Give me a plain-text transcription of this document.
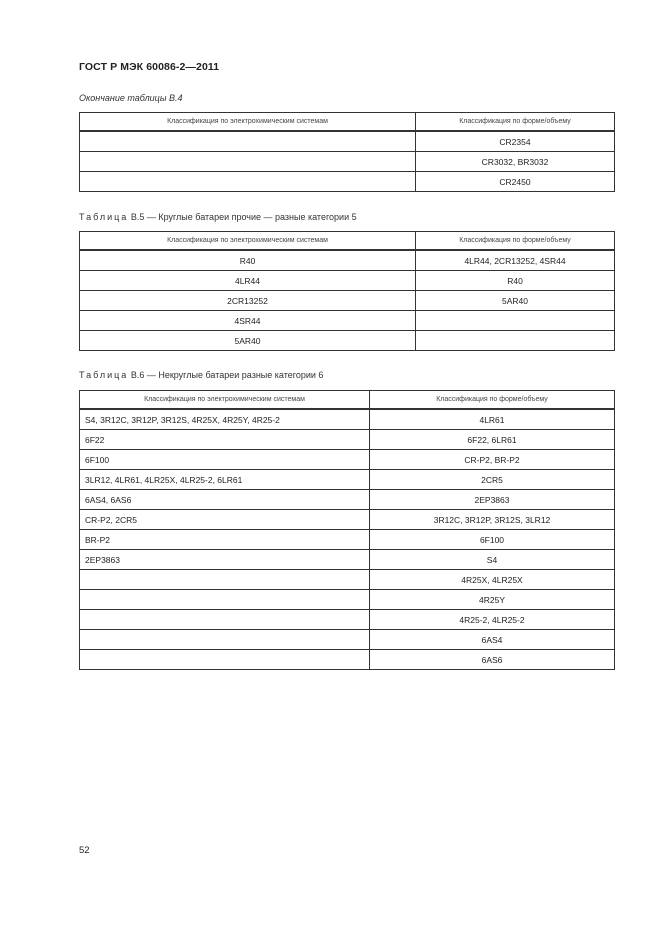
ГОСТ Р МЭК 60086-2—2011
Окончание таблицы В.4
Классификация по электрохимическим системам	Классификация по форме/объему
	CR2354
	CR3032, BR3032
	CR2450
Таблица В.5 — Круглые батареи прочие — разные категории 5
Классификация по электрохимическим системам	Классификация по форме/объему
R40	4LR44, 2CR13252, 4SR44
4LR44	R40
2CR13252	5AR40
4SR44	
5AR40	
Таблица В.6 — Некруглые батареи разные категории 6
Классификация по электрохимическим системам	Классификация по форме/объему
S4, 3R12C, 3R12P, 3R12S, 4R25X, 4R25Y, 4R25-2	4LR61
6F22	6F22, 6LR61
6F100	CR-P2, BR-P2
3LR12, 4LR61, 4LR25X, 4LR25-2, 6LR61	2CR5
6AS4, 6AS6	2EP3863
CR-P2, 2CR5	3R12C, 3R12P, 3R12S, 3LR12
BR-P2	6F100
2EP3863	S4
	4R25X, 4LR25X
	4R25Y
	4R25-2, 4LR25-2
	6AS4
	6AS6
52
